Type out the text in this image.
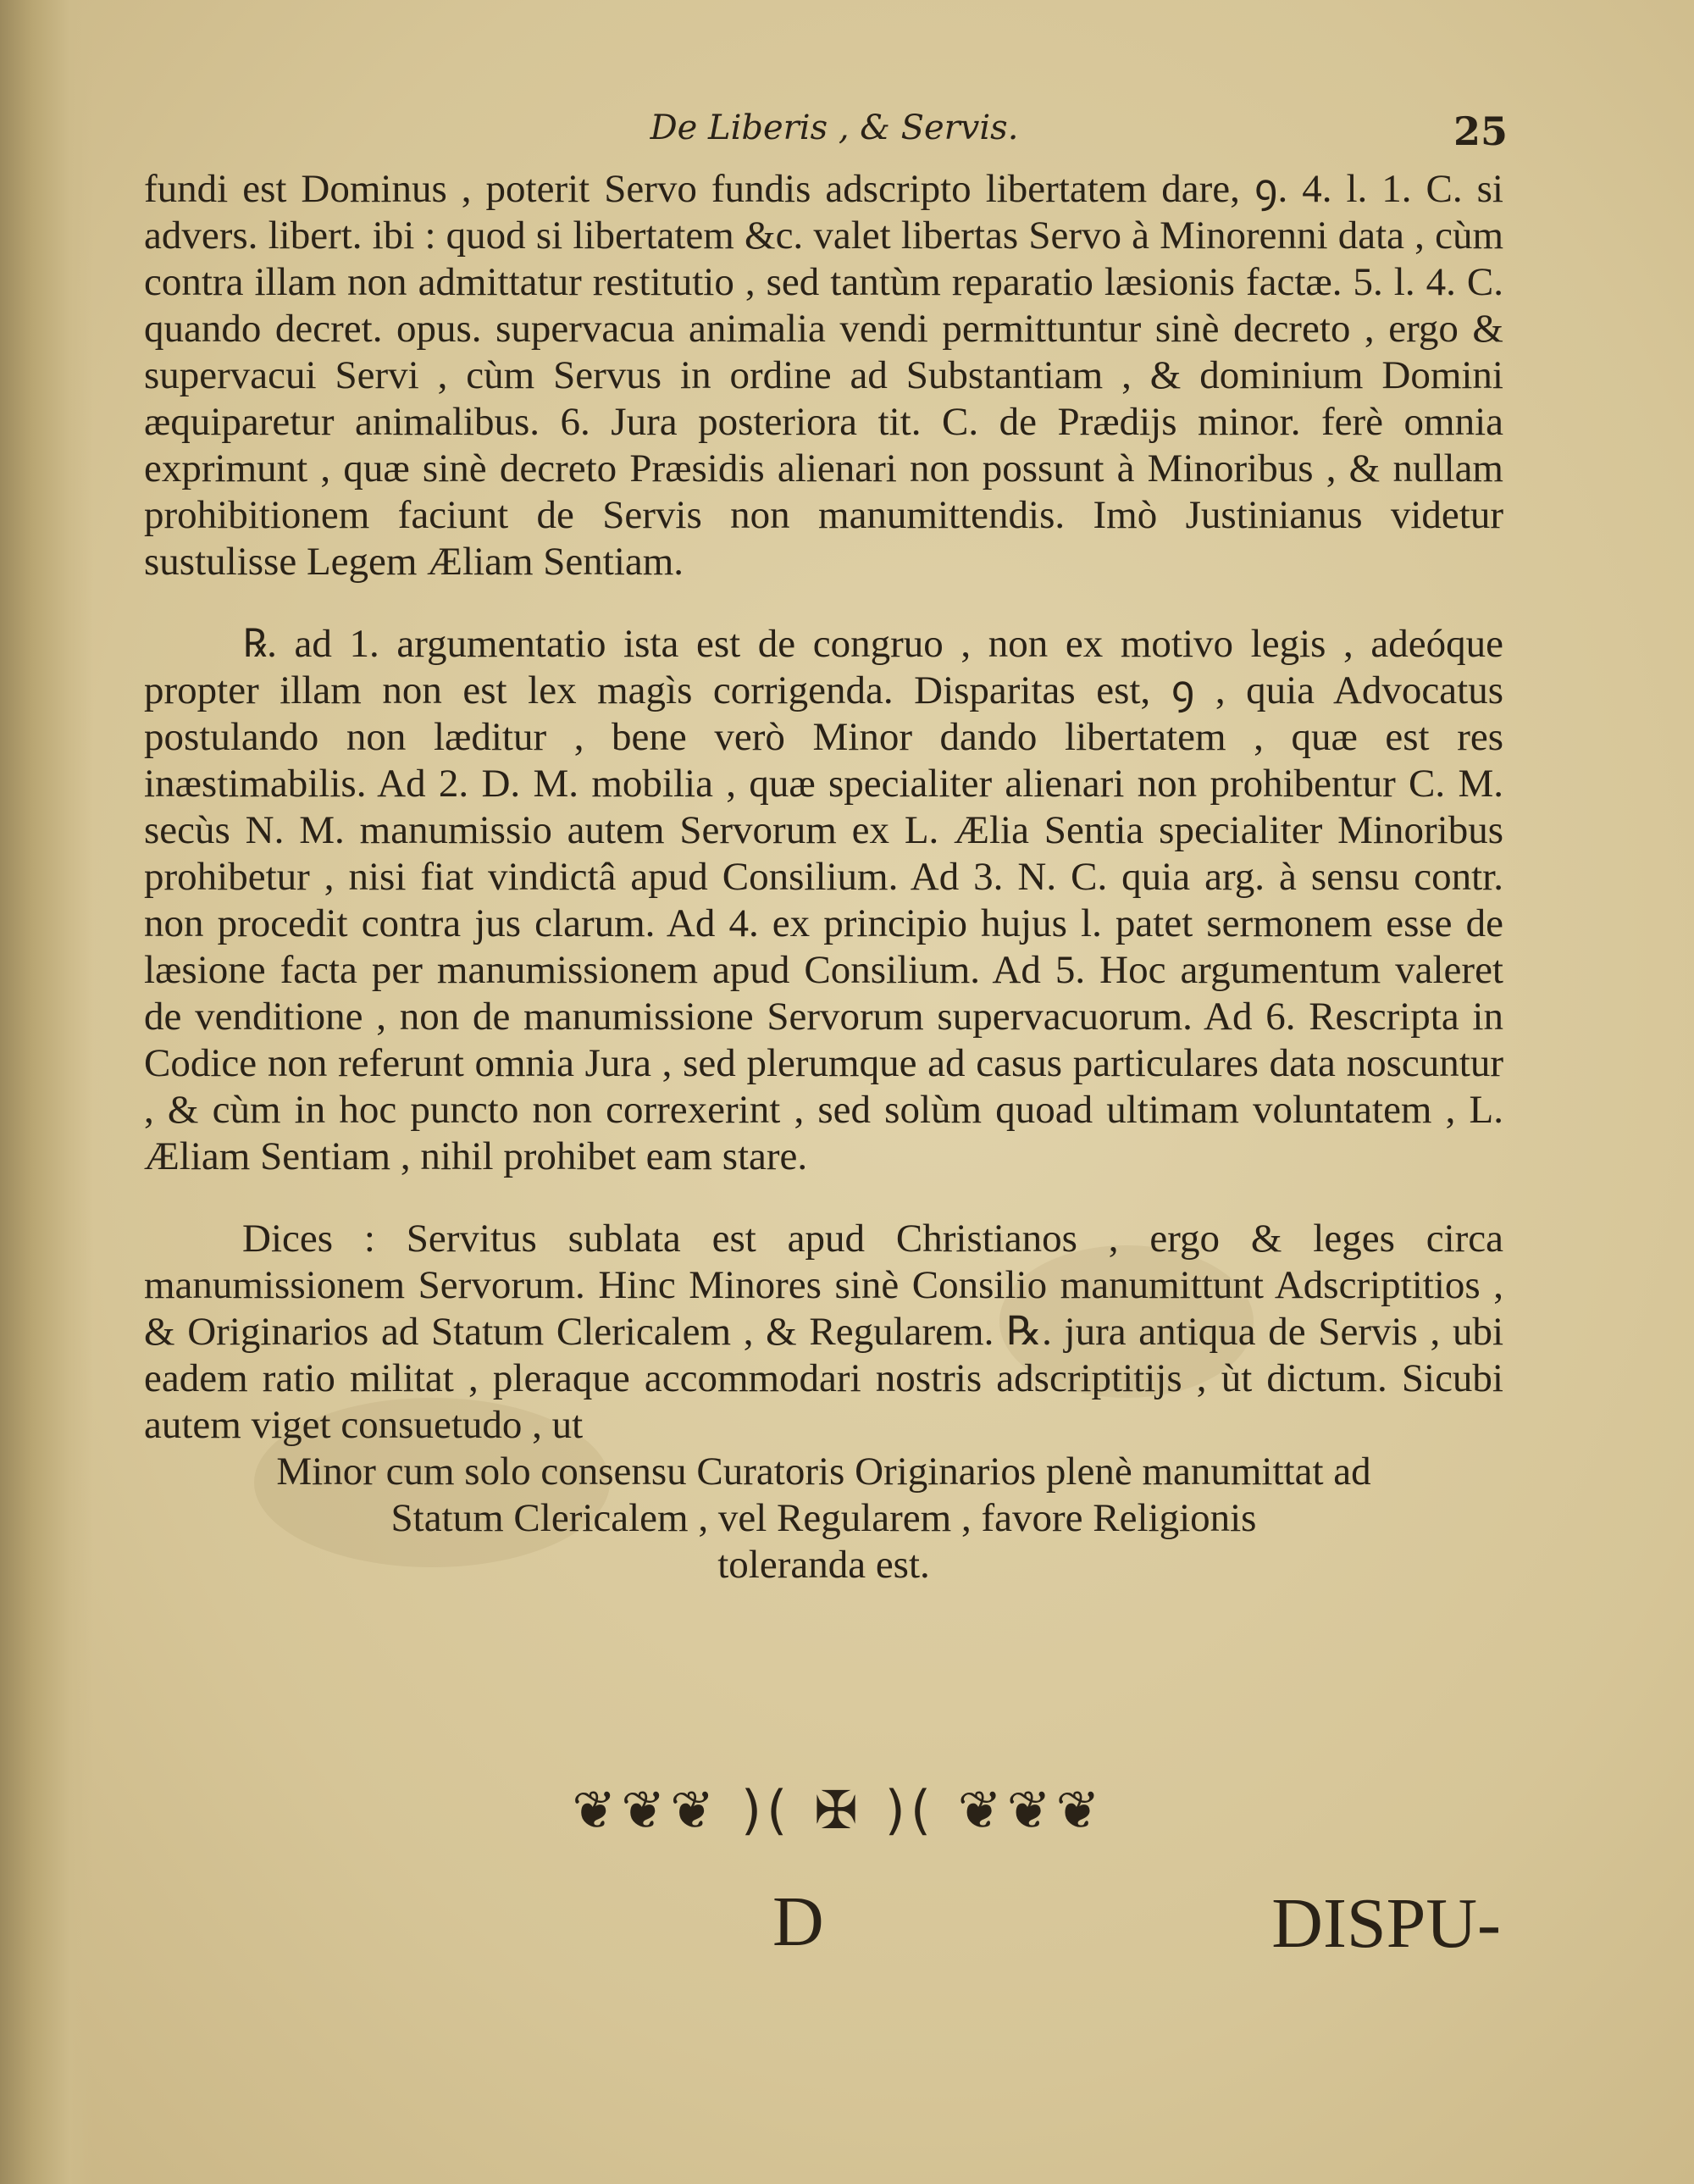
De Liberis , & Servis.	25

fundi est Dominus , poterit Servo fundis adscripto libertatem dare, ꝯ. 4. l. 1. C. si advers. libert. ibi : quod si libertatem &c. valet libertas Servo à Minorenni data , cùm contra illam non admittatur restitutio , sed tantùm reparatio læsionis factæ. 5. l. 4. C. quando decret. opus. supervacua animalia vendi permittuntur sinè decreto , ergo & supervacui Servi , cùm Servus in ordine ad Substantiam , & dominium Domini æquiparetur animalibus. 6. Jura posteriora tit. C. de Prædijs minor. ferè omnia exprimunt , quæ sinè decreto Præsidis alienari non possunt à Minoribus , & nullam prohibitionem faciunt de Servis non manumittendis. Imò Justinianus videtur sustulisse Legem Æliam Sentiam.

℞. ad 1. argumentatio ista est de congruo , non ex motivo legis , adeóque propter illam non est lex magìs corrigenda. Disparitas est, ꝯ , quia Advocatus postulando non læditur , bene verò Minor dando libertatem , quæ est res inæstimabilis. Ad 2. D. M. mobilia , quæ specialiter alienari non prohibentur C. M. secùs N. M. manumissio autem Servorum ex L. Ælia Sentia specialiter Minoribus prohibetur , nisi fiat vindictâ apud Consilium. Ad 3. N. C. quia arg. à sensu contr. non procedit contra jus clarum. Ad 4. ex principio hujus l. patet sermonem esse de læsione facta per manumissionem apud Consilium. Ad 5. Hoc argumentum valeret de venditione , non de manumissione Servorum supervacuorum. Ad 6. Rescripta in Codice non referunt omnia Jura , sed plerumque ad casus particulares data noscuntur , & cùm in hoc puncto non correxerint , sed solùm quoad ultimam voluntatem , L. Æliam Sentiam , nihil prohibet eam stare.

Dices : Servitus sublata est apud Christianos , ergo & leges circa manumissionem Servorum. Hinc Minores sinè Consilio manumittunt Adscriptitios , & Originarios ad Statum Clericalem , & Regularem. ℞. jura antiqua de Servis , ubi eadem ratio militat , pleraque accommodari nostris adscriptitijs , ùt dictum. Sicubi autem viget consuetudo , ut

Minor cum solo consensu Curatoris Originarios plenè manumittat ad

Statum Clericalem , vel Regularem , favore Religionis

toleranda est.

❦❦❦ )( ✠ )( ❦❦❦
D	DISPU-
